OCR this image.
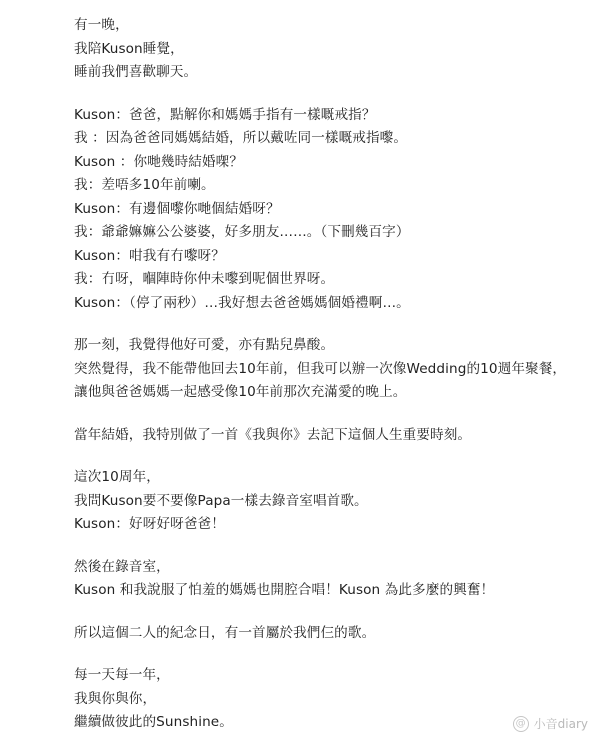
有一晚，
我陪Kuson睡覺，
睡前我們喜歡聊天。
Kuson：爸爸，點解你和媽媽手指有一樣嘅戒指？
我 ：因為爸爸同媽媽結婚，所以戴咗同一樣嘅戒指嚟。
Kuson ：你哋幾時結婚㗎？
我：差唔多10年前喇。
Kuson：有邊個嚟你哋個結婚呀？
我：爺爺嫲嫲公公婆婆，好多朋友……。（下刪幾百字）
Kuson：咁我有冇嚟呀？
我：冇呀，嗰陣時你仲未嚟到呢個世界呀。
Kuson：（停了兩秒）…我好想去爸爸媽媽個婚禮啊…。
那一刻，我覺得他好可愛，亦有點兒鼻酸。
突然覺得，我不能帶他回去10年前，但我可以辦一次像Wedding的10週年聚餐，
讓他與爸爸媽媽一起感受像10年前那次充滿愛的晚上。
當年結婚，我特別做了一首《我與你》去記下這個人生重要時刻。
這次10周年，
我問Kuson要不要像Papa一樣去錄音室唱首歌。
Kuson：好呀好呀爸爸！
然後在錄音室，
Kuson 和我說服了怕羞的媽媽也開腔合唱！Kuson 為此多麼的興奮！
所以這個二人的紀念日，有一首屬於我們仨的歌。
每一天每一年，
我與你與你，
繼續做彼此的Sunshine。	@ 小音diary
